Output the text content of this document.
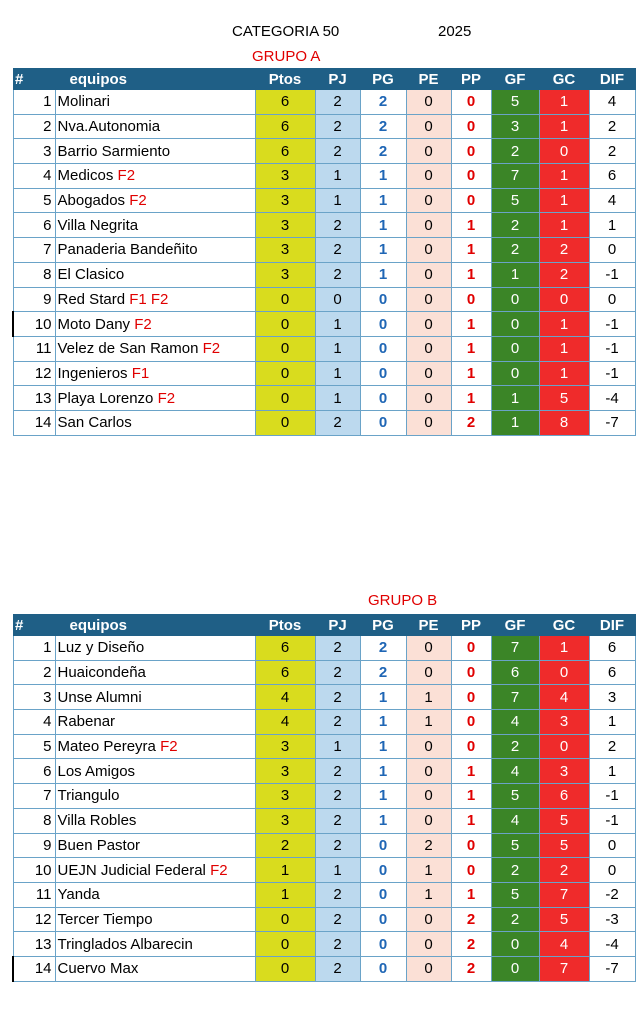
CATEGORIA 50	2025
GRUPO A
#	equipos	Ptos	PJ	PG	PE	PP	GF	GC	DIF
1	Molinari	6	2	2	0	0	5	1	4
2	Nva.Autonomia	6	2	2	0	0	3	1	2
3	Barrio Sarmiento	6	2	2	0	0	2	0	2
4	Medicos F2	3	1	1	0	0	7	1	6
5	Abogados F2	3	1	1	0	0	5	1	4
6	Villa Negrita	3	2	1	0	1	2	1	1
7	Panaderia Bandeñito	3	2	1	0	1	2	2	0
8	El Clasico	3	2	1	0	1	1	2	-1
9	Red Stard F1 F2	0	0	0	0	0	0	0	0
10	Moto Dany F2	0	1	0	0	1	0	1	-1
11	Velez de San Ramon F2	0	1	0	0	1	0	1	-1
12	Ingenieros F1	0	1	0	0	1	0	1	-1
13	Playa Lorenzo F2	0	1	0	0	1	1	5	-4
14	San Carlos	0	2	0	0	2	1	8	-7
GRUPO B
#	equipos	Ptos	PJ	PG	PE	PP	GF	GC	DIF
1	Luz y Diseño	6	2	2	0	0	7	1	6
2	Huaicondeña	6	2	2	0	0	6	0	6
3	Unse Alumni	4	2	1	1	0	7	4	3
4	Rabenar	4	2	1	1	0	4	3	1
5	Mateo Pereyra F2	3	1	1	0	0	2	0	2
6	Los Amigos	3	2	1	0	1	4	3	1
7	Triangulo	3	2	1	0	1	5	6	-1
8	Villa Robles	3	2	1	0	1	4	5	-1
9	Buen Pastor	2	2	0	2	0	5	5	0
10	UEJN Judicial Federal F2	1	1	0	1	0	2	2	0
11	Yanda	1	2	0	1	1	5	7	-2
12	Tercer Tiempo	0	2	0	0	2	2	5	-3
13	Tringlados Albarecin	0	2	0	0	2	0	4	-4
14	Cuervo Max	0	2	0	0	2	0	7	-7
